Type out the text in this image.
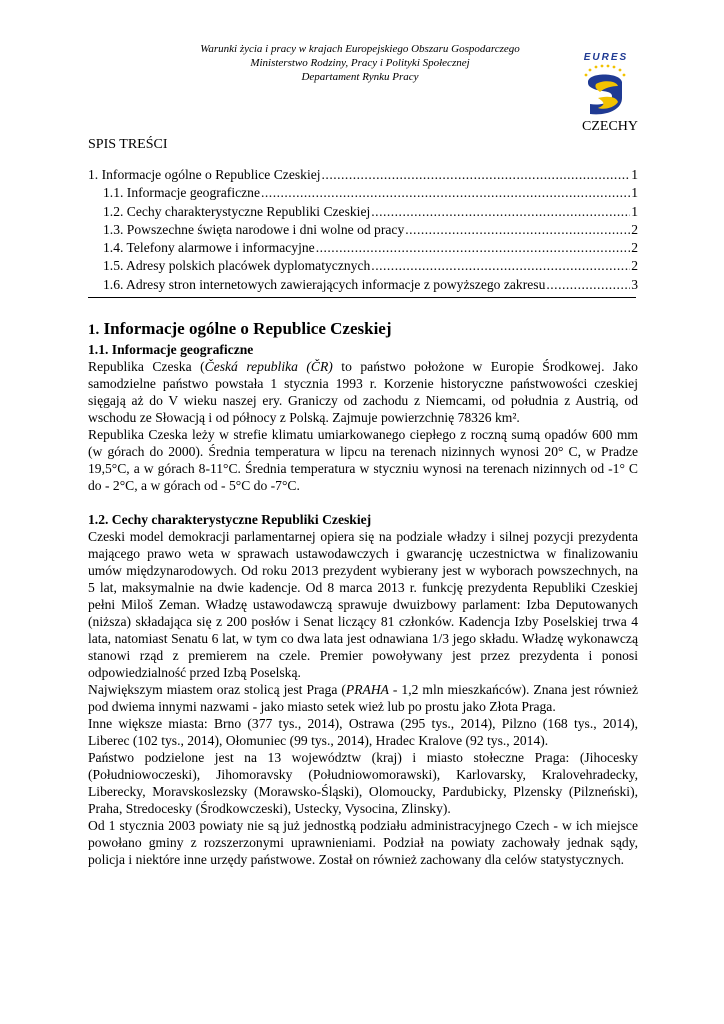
Warunki życia i pracy w krajach Europejskiego Obszaru Gospodarczego
Ministerstwo Rodziny, Pracy i Polityki Społecznej
Departament Rynku Pracy
EURES
CZECHY
SPIS TREŚCI
1. Informacje ogólne o Republice Czeskiej .....	1
1.1. Informacje geograficzne .....	1
1.2. Cechy charakterystyczne Republiki Czeskiej .....	1
1.3. Powszechne święta narodowe i dni wolne od pracy .....	2
1.4. Telefony alarmowe i informacyjne .....	2
1.5. Adresy polskich placówek dyplomatycznych .....	2
1.6. Adresy stron internetowych zawierających informacje z powyższego zakresu .....	3
1. Informacje ogólne o Republice Czeskiej
1.1. Informacje geograficzne

Republika Czeska (Česká republika (ČR) to państwo położone w Europie Środkowej. Jako samodzielne państwo powstała 1 stycznia 1993 r. Korzenie historyczne państwowości czeskiej sięgają aż do V wieku naszej ery. Graniczy od zachodu z Niemcami, od południa z Austrią, od wschodu ze Słowacją i od północy z Polską. Zajmuje powierzchnię 78326 km².

Republika Czeska leży w strefie klimatu umiarkowanego ciepłego z roczną sumą opadów 600 mm (w górach do 2000). Średnia temperatura w lipcu na terenach nizinnych wynosi 20° C, w Pradze 19,5°C, a w górach 8-11°C. Średnia temperatura w styczniu wynosi na terenach nizinnych od -1° C do - 2°C, a w górach od - 5°C do -7°C.

1.2. Cechy charakterystyczne Republiki Czeskiej

Czeski model demokracji parlamentarnej opiera się na podziale władzy i silnej pozycji prezydenta mającego prawo weta w sprawach ustawodawczych i gwarancję uczestnictwa w finalizowaniu umów międzynarodowych. Od roku 2013 prezydent wybierany jest w wyborach powszechnych, na 5 lat, maksymalnie na dwie kadencje. Od 8 marca 2013 r. funkcję prezydenta Republiki Czeskiej pełni Miloš Zeman. Władzę ustawodawczą sprawuje dwuizbowy parlament: Izba Deputowanych (niższa) składająca się z 200 posłów i Senat liczący 81 członków. Kadencja Izby Poselskiej trwa 4 lata, natomiast Senatu 6 lat, w tym co dwa lata jest odnawiana 1/3 jego składu. Władzę wykonawczą stanowi rząd z premierem na czele. Premier powoływany jest przez prezydenta i ponosi odpowiedzialność przed Izbą Poselską.

Największym miastem oraz stolicą jest Praga (PRAHA - 1,2 mln mieszkańców). Znana jest również pod dwiema innymi nazwami - jako miasto setek wież lub po prostu jako Złota Praga.

Inne większe miasta: Brno (377 tys., 2014), Ostrawa (295 tys., 2014), Pilzno (168 tys., 2014), Liberec (102 tys., 2014), Ołomuniec (99 tys., 2014), Hradec Kralove (92 tys., 2014).

Państwo podzielone jest na 13 województw (kraj) i miasto stołeczne Praga: (Jihocesky (Południowoczeski), Jihomoravsky (Południowomorawski), Karlovarsky, Kralovehradecky, Liberecky, Moravskoslezsky (Morawsko-Śląski), Olomoucky, Pardubicky, Plzensky (Pilzneński), Praha, Stredocesky (Środkowczeski), Ustecky, Vysocina, Zlinsky).

Od 1 stycznia 2003 powiaty nie są już jednostką podziału administracyjnego Czech - w ich miejsce powołano gminy z rozszerzonymi uprawnieniami. Podział na powiaty zachowały jednak sądy, policja i niektóre inne urzędy państwowe. Został on również zachowany dla celów statystycznych.
